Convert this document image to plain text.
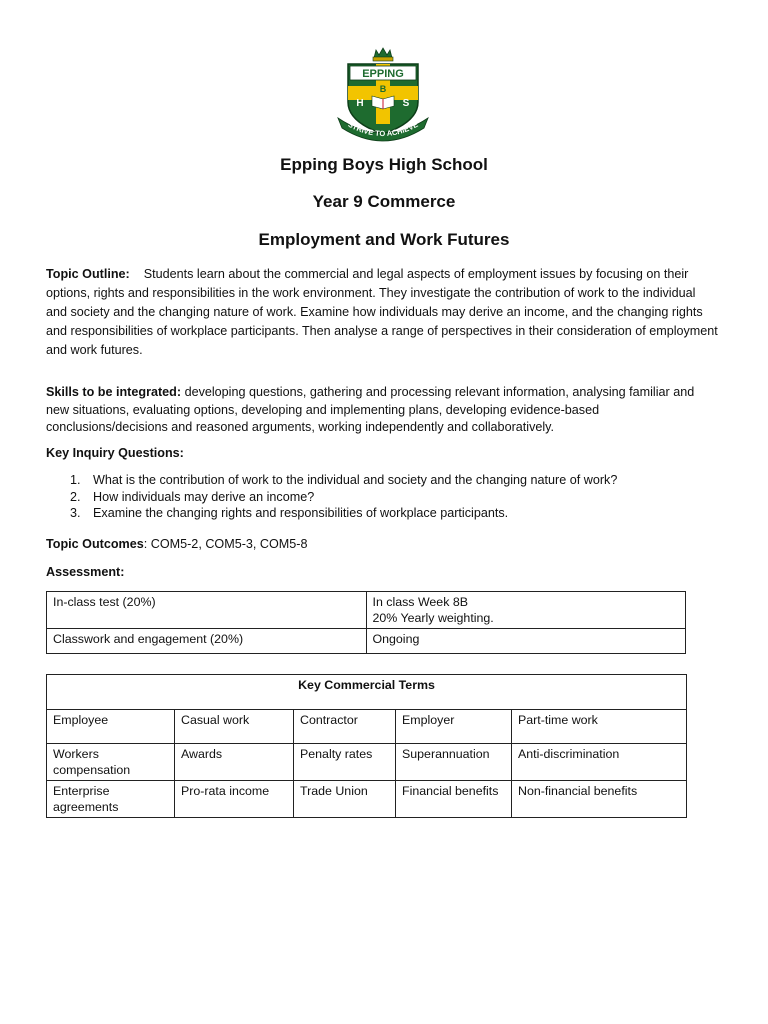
EPPING
B
H	S
STRIVE TO ACHIEVE
Epping Boys High School
Year 9 Commerce
Employment and Work Futures

Topic Outline: Students learn about the commercial and legal aspects of employment issues by focusing on their options, rights and responsibilities in the work environment. They investigate the contribution of work to the individual and society and the changing nature of work. Examine how individuals may derive an income, and the changing rights and responsibilities of workplace participants. Then analyse a range of perspectives in their consideration of employment and work futures.

Skills to be integrated: developing questions, gathering and processing relevant information, analysing familiar and new situations, evaluating options, developing and implementing plans, developing evidence-based conclusions/decisions and reasoned arguments, working independently and collaboratively.

Key Inquiry Questions:
1. What is the contribution of work to the individual and society and the changing nature of work?
2. How individuals may derive an income?
3. Examine the changing rights and responsibilities of workplace participants.
Topic Outcomes: COM5-2, COM5-3, COM5-8
Assessment:
In-class test (20%)	In class Week 8B
20% Yearly weighting.

Classwork and engagement (20%)	Ongoing
Key Commercial Terms				
Employee	Casual work	Contractor	Employer	Part-time work
Workers compensation	Awards	Penalty rates	Superannuation	Anti-discrimination
Enterprise agreements	Pro-rata income	Trade Union	Financial benefits	Non-financial benefits
